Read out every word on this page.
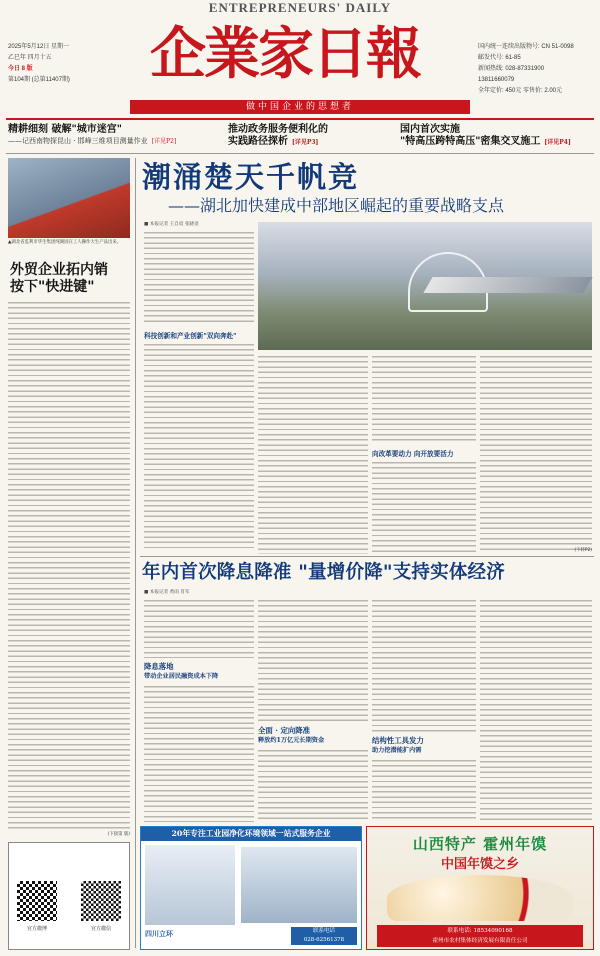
ENTREPRENEURS' DAILY
2025年5月12日 星期一
乙巳年 四月十五
今日 8 版
第104期 (总第11407期)	企業家日報	国内统一连续出版物号: CN 51-0098
邮发代号: 61-85
新闻热线: 028-87331900
13811660079
全年定价: 450元 零售价: 2.00元
做中国企业的思想者
精耕细刻 破解"城市迷宫"
——记西南物探昆山 · 邯峰三维项目测量作业 [详见P2]
推动政务服务便利化的
实践路径探析 [详见P3]
国内首次实施
"特高压跨特高压"密集交叉施工 [详见P4]
▲湖北省监利市华生集团纯湖园在工人操作大生产品出来。
外贸企业拓内销
按下"快进键"
(下接第 版)
官方微博	官方微信
潮涌楚天千帆竞
——湖北加快建成中部地区崛起的重要战略支点
■ 本报记者 王自宸 张晓语
科技创新和产业创新"双向奔赴"
向改革要动力 向开放要活力
(下转P2)
年内首次降息降准 "量增价降"支持实体经济
■ 本报记者 黄雨 肖军
降息落地
带动企业居民融资成本下降
全面 · 定向降准
释放约1万亿元长期资金	结构性工具发力
助力挖潜能扩内需
20年专注工业园净化环境领域一站式服务企业
四川立环	联系电话
028-62561378
山西特产 霍州年馍
中国年馍之乡
联系电话: 18534090168
霍州市农村集体经济发展有限责任公司
